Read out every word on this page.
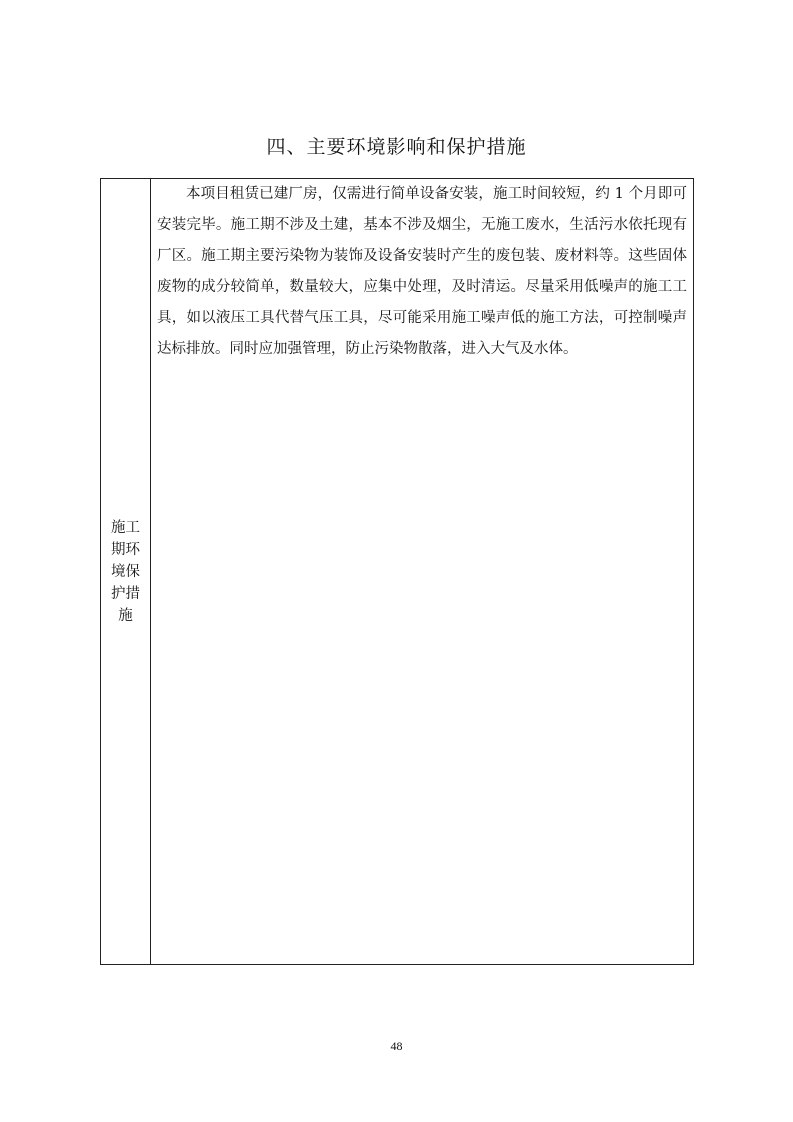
四、主要环境影响和保护措施
施工期环境保护措施

本项目租赁已建厂房，仅需进行简单设备安装，施工时间较短，约 1 个月即可安装完毕。施工期不涉及土建，基本不涉及烟尘，无施工废水，生活污水依托现有厂区。施工期主要污染物为装饰及设备安装时产生的废包装、废材料等。这些固体废物的成分较简单，数量较大，应集中处理，及时清运。尽量采用低噪声的施工工具，如以液压工具代替气压工具，尽可能采用施工噪声低的施工方法，可控制噪声达标排放。同时应加强管理，防止污染物散落，进入大气及水体。

48
